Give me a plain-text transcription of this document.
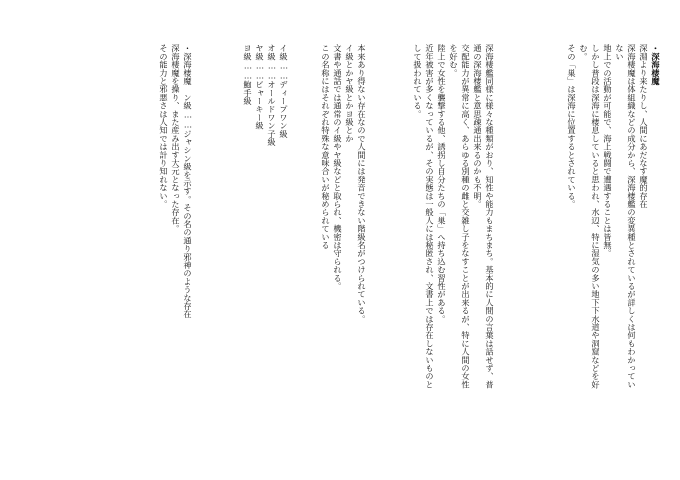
・深海棲魔
深淵より来たりし、人間にあだなす魔的存在
深海棲魔は体組織などの成分から、深海棲艦の変異種とされているが詳しくは何もわかってい
ない
地上での活動が可能で、海上戦闘で遭遇することは皆無。
しかし普段は深海に棲息していると思われ、水辺、特に湿気の多い地下下水道や洞窟などを好
む。
その「巣」は深海に位置するとされている。
深海棲艦同様に様々な種類がおり、知性や能力もまちまち。基本的に人間の言葉は話せず、普
通の深海棲艦と意思疎通出来るのかも不明。
交配能力が異常に高く、あらゆる別種の雌と交雑し子をなすことが出来るが、特に人間の女性
を好む。
陸上で女性を襲撃する他、誘拐し自分たちの「巣」へ持ち込む習性がある。
近年被害が多くなっているが、その実態は一般人には秘匿され、文書上では存在しないものと
して扱われている。
本来あり得ない存在なので人間には発音できない階級名がつけられている。
イ級とかヤ級とかヨ級とか
文書や通話では通常のイ級やヤ級などと取られ、機密は守られる。
この名称にはそれぞれ特殊な意味合いが秘められている
イ級……ディープワン級
オ級……オールドワン子級
ヤ級……ビャーキー級
ヨ級……鮑手級
・深海棲魔　ン級……ジャシン級を示す。その名の通り邪神のような存在
深海棲魔を操り、また産み出す大元となった存在。
その能力と邪悪さは人知では計り知れない。
